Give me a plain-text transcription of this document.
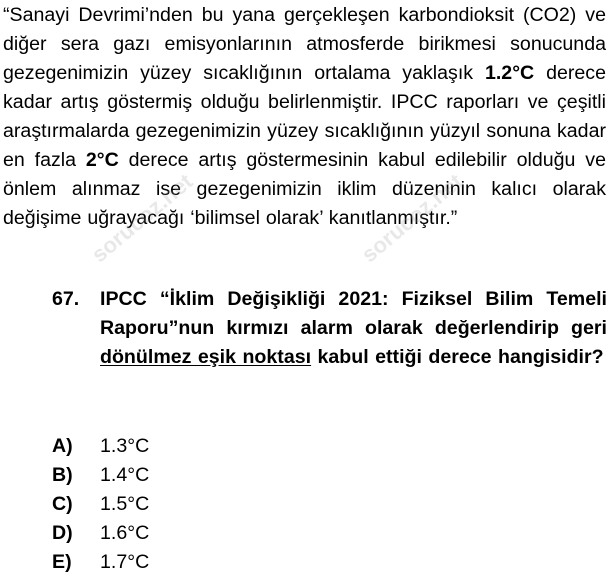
“Sanayi Devrimi’nden bu yana gerçekleşen karbondioksit (CO2) ve diğer sera gazı emisyonlarının atmosferde birikmesi sonucunda gezegenimizin yüzey sıcaklığının ortalama yaklaşık 1.2°C derece kadar artış göstermiş olduğu belirlenmiştir. IPCC raporları ve çeşitli araştırmalarda gezegenimizin yüzey sıcaklığının yüzyıl sonuna kadar en fazla 2°C derece artış göstermesinin kabul edilebilir olduğu ve önlem alınmaz ise gezegenimizin iklim düzeninin kalıcı olarak değişime uğrayacağı ‘bilimsel olarak’ kanıtlanmıştır.”
67. IPCC “İklim Değişikliği 2021: Fiziksel Bilim Temeli Raporu”nun kırmızı alarm olarak değerlendirip geri dönülmez eşik noktası kabul ettiği derece hangisidir?
A)	1.3°C
B)	1.4°C
C)	1.5°C
D)	1.6°C
E)	1.7°C
sorucoz.net	sorucoz.net
